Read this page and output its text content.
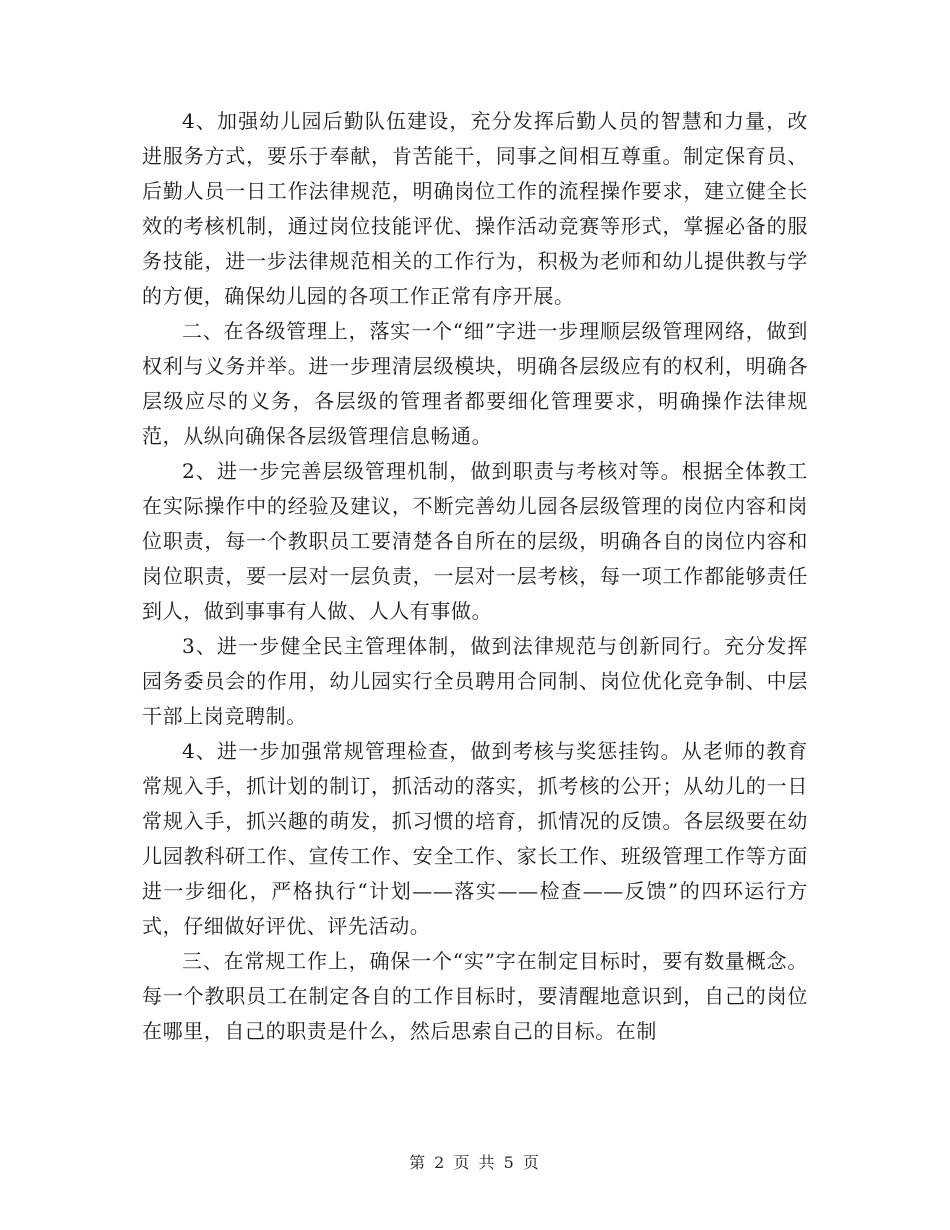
4、加强幼儿园后勤队伍建设，充分发挥后勤人员的智慧和力量，改进服务方式，要乐于奉献，肯苦能干，同事之间相互尊重。制定保育员、后勤人员一日工作法律规范，明确岗位工作的流程操作要求，建立健全长效的考核机制，通过岗位技能评优、操作活动竞赛等形式，掌握必备的服务技能，进一步法律规范相关的工作行为，积极为老师和幼儿提供教与学的方便，确保幼儿园的各项工作正常有序开展。

二、在各级管理上，落实一个“细”字进一步理顺层级管理网络，做到权利与义务并举。进一步理清层级模块，明确各层级应有的权利，明确各层级应尽的义务，各层级的管理者都要细化管理要求，明确操作法律规范，从纵向确保各层级管理信息畅通。

2、进一步完善层级管理机制，做到职责与考核对等。根据全体教工在实际操作中的经验及建议，不断完善幼儿园各层级管理的岗位内容和岗位职责，每一个教职员工要清楚各自所在的层级，明确各自的岗位内容和岗位职责，要一层对一层负责，一层对一层考核，每一项工作都能够责任到人，做到事事有人做、人人有事做。

3、进一步健全民主管理体制，做到法律规范与创新同行。充分发挥园务委员会的作用，幼儿园实行全员聘用合同制、岗位优化竞争制、中层干部上岗竞聘制。

4、进一步加强常规管理检查，做到考核与奖惩挂钩。从老师的教育常规入手，抓计划的制订，抓活动的落实，抓考核的公开；从幼儿的一日常规入手，抓兴趣的萌发，抓习惯的培育，抓情况的反馈。各层级要在幼儿园教科研工作、宣传工作、安全工作、家长工作、班级管理工作等方面进一步细化，严格执行“计划——落实——检查——反馈”的四环运行方式，仔细做好评优、评先活动。

三、在常规工作上，确保一个“实”字在制定目标时，要有数量概念。每一个教职员工在制定各自的工作目标时，要清醒地意识到，自己的岗位在哪里，自己的职责是什么，然后思索自己的目标。在制

第 2 页 共 5 页
